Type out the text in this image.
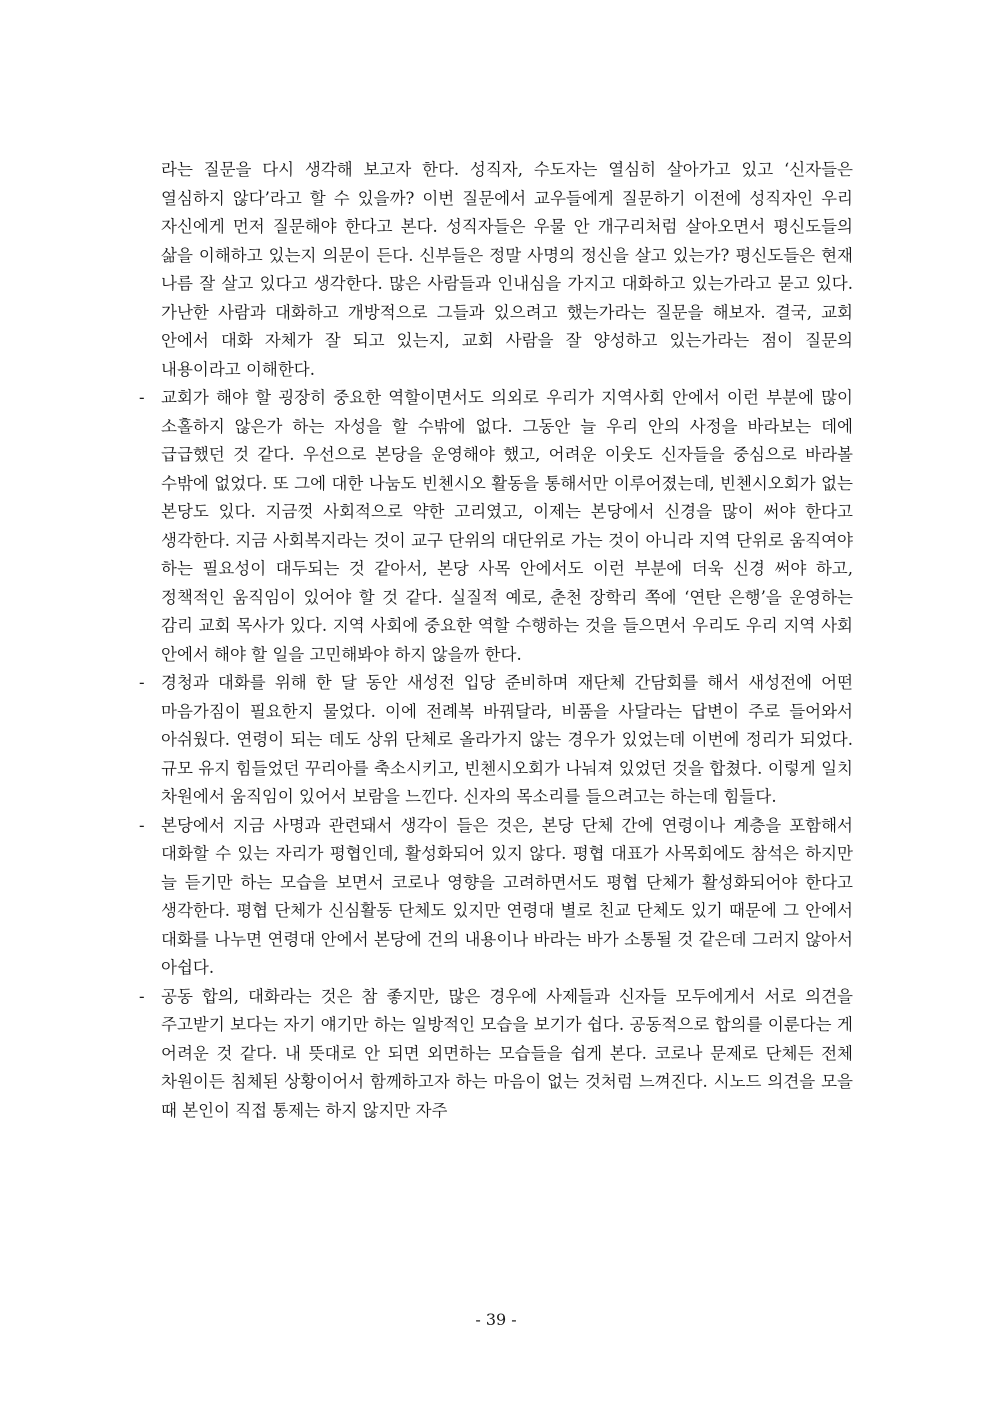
라는 질문을 다시 생각해 보고자 한다. 성직자, 수도자는 열심히 살아가고 있고 ‘신자들은 열심하지 않다’라고 할 수 있을까? 이번 질문에서 교우들에게 질문하기 이전에 성직자인 우리 자신에게 먼저 질문해야 한다고 본다. 성직자들은 우물 안 개구리처럼 살아오면서 평신도들의 삶을 이해하고 있는지 의문이 든다. 신부들은 정말 사명의 정신을 살고 있는가? 평신도들은 현재 나름 잘 살고 있다고 생각한다. 많은 사람들과 인내심을 가지고 대화하고 있는가라고 묻고 있다. 가난한 사람과 대화하고 개방적으로 그들과 있으려고 했는가라는 질문을 해보자. 결국, 교회 안에서 대화 자체가 잘 되고 있는지, 교회 사람을 잘 양성하고 있는가라는 점이 질문의 내용이라고 이해한다.

- 교회가 해야 할 굉장히 중요한 역할이면서도 의외로 우리가 지역사회 안에서 이런 부분에 많이 소홀하지 않은가 하는 자성을 할 수밖에 없다. 그동안 늘 우리 안의 사정을 바라보는 데에 급급했던 것 같다. 우선으로 본당을 운영해야 했고, 어려운 이웃도 신자들을 중심으로 바라볼 수밖에 없었다. 또 그에 대한 나눔도 빈첸시오 활동을 통해서만 이루어졌는데, 빈첸시오회가 없는 본당도 있다. 지금껏 사회적으로 약한 고리였고, 이제는 본당에서 신경을 많이 써야 한다고 생각한다. 지금 사회복지라는 것이 교구 단위의 대단위로 가는 것이 아니라 지역 단위로 움직여야 하는 필요성이 대두되는 것 같아서, 본당 사목 안에서도 이런 부분에 더욱 신경 써야 하고, 정책적인 움직임이 있어야 할 것 같다. 실질적 예로, 춘천 장학리 쪽에 ‘연탄 은행’을 운영하는 감리 교회 목사가 있다. 지역 사회에 중요한 역할 수행하는 것을 들으면서 우리도 우리 지역 사회 안에서 해야 할 일을 고민해봐야 하지 않을까 한다.

- 경청과 대화를 위해 한 달 동안 새성전 입당 준비하며 재단체 간담회를 해서 새성전에 어떤 마음가짐이 필요한지 물었다. 이에 전례복 바꿔달라, 비품을 사달라는 답변이 주로 들어와서 아쉬웠다. 연령이 되는 데도 상위 단체로 올라가지 않는 경우가 있었는데 이번에 정리가 되었다. 규모 유지 힘들었던 꾸리아를 축소시키고, 빈첸시오회가 나눠져 있었던 것을 합쳤다. 이렇게 일치 차원에서 움직임이 있어서 보람을 느낀다. 신자의 목소리를 들으려고는 하는데 힘들다.

- 본당에서 지금 사명과 관련돼서 생각이 들은 것은, 본당 단체 간에 연령이나 계층을 포함해서 대화할 수 있는 자리가 평협인데, 활성화되어 있지 않다. 평협 대표가 사목회에도 참석은 하지만 늘 듣기만 하는 모습을 보면서 코로나 영향을 고려하면서도 평협 단체가 활성화되어야 한다고 생각한다. 평협 단체가 신심활동 단체도 있지만 연령대 별로 친교 단체도 있기 때문에 그 안에서 대화를 나누면 연령대 안에서 본당에 건의 내용이나 바라는 바가 소통될 것 같은데 그러지 않아서 아쉽다.

- 공동 합의, 대화라는 것은 참 좋지만, 많은 경우에 사제들과 신자들 모두에게서 서로 의견을 주고받기 보다는 자기 얘기만 하는 일방적인 모습을 보기가 쉽다. 공동적으로 합의를 이룬다는 게 어려운 것 같다. 내 뜻대로 안 되면 외면하는 모습들을 쉽게 본다. 코로나 문제로 단체든 전체 차원이든 침체된 상황이어서 함께하고자 하는 마음이 없는 것처럼 느껴진다. 시노드 의견을 모을 때 본인이 직접 통제는 하지 않지만 자주

- 39 -
